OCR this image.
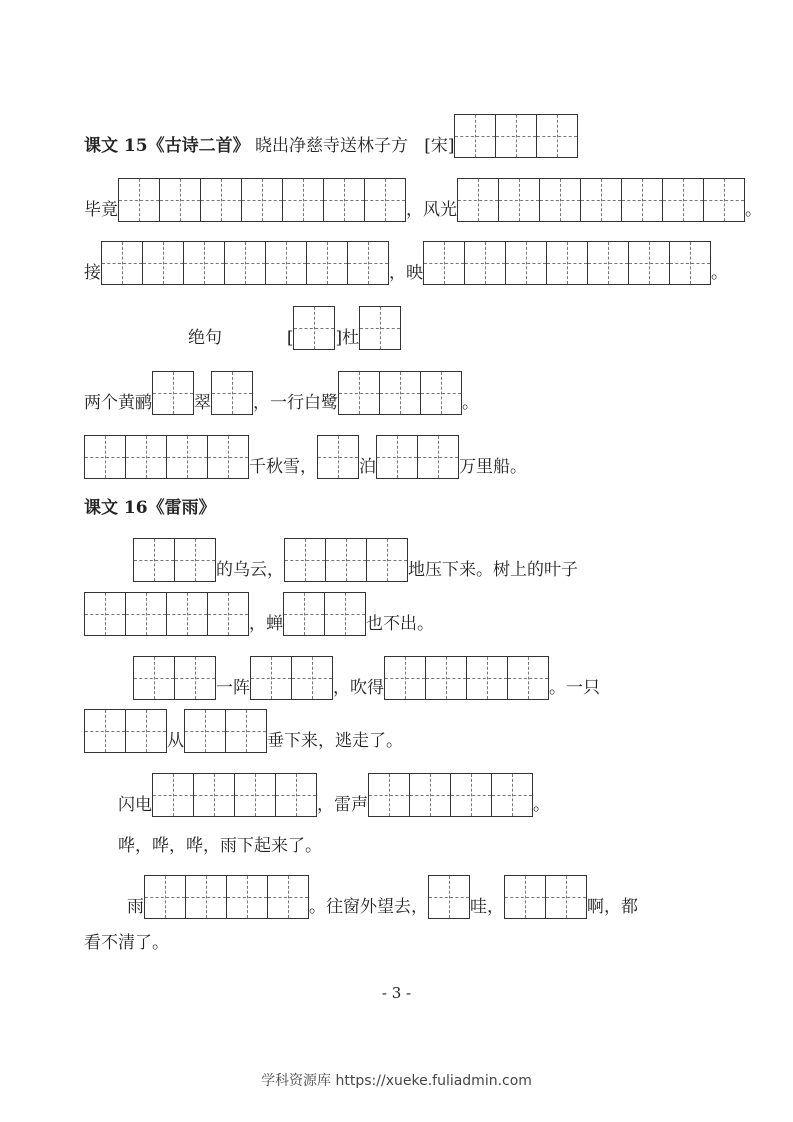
课文 15《古诗二首》 晓出净慈寺送林子方 [宋]
毕竟	，风光	。
接	，映	。
绝句 [ ]杜
两个黄鹂 翠 ，一行白鹭	。
千秋雪， 泊	万里船。
课文 16《雷雨》
的乌云，	地压下来。树上的叶子
，蝉	也不出。
一阵	，吹得	。一只
从	垂下来，逃走了。
闪电	，雷声	。
哗，哗，哗，雨下起来了。
雨	。往窗外望去， 哇，	啊，都
看不清了。
- 3 -
学科资源库 https://xueke.fuliadmin.com
